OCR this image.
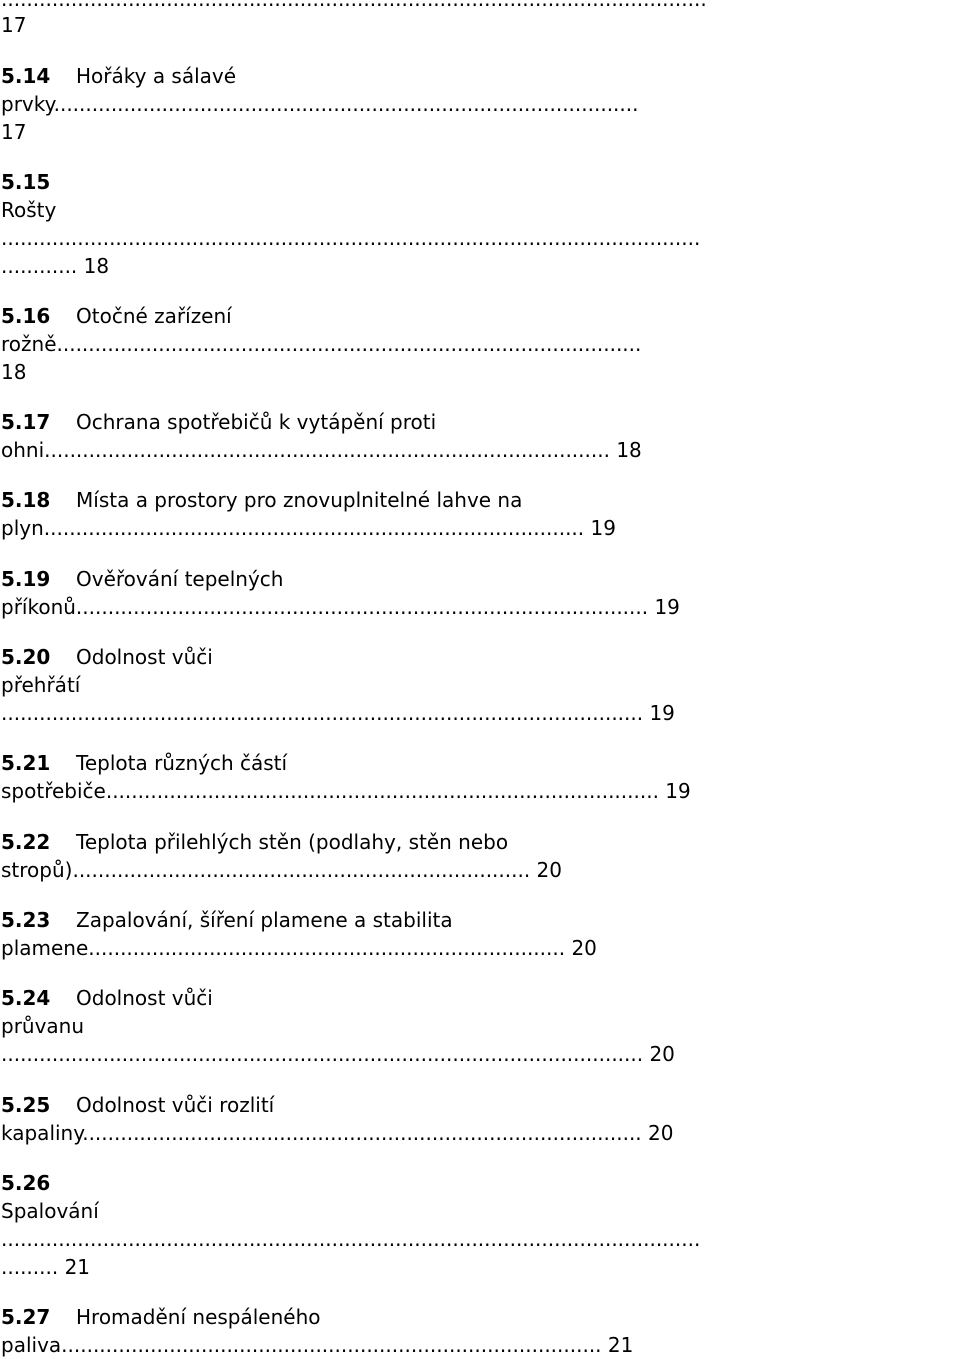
17
5.14 Hořáky a sálavé
prvky............................................................................................
17
5.15
Rošty
..............................................................................................................
............ 18
5.16 Otočné zařízení
rožně............................................................................................
18
5.17 Ochrana spotřebičů k vytápění proti
ohni......................................................................................... 18
5.18 Místa a prostory pro znovuplnitelné lahve na
plyn..................................................................................... 19
5.19 Ověřování tepelných
příkonů.......................................................................................... 19
5.20 Odolnost vůči
přehřátí
..................................................................................................... 19
5.21 Teplota různých částí
spotřebiče....................................................................................... 19
5.22 Teplota přilehlých stěn (podlahy, stěn nebo
stropů)........................................................................ 20
5.23 Zapalování, šíření plamene a stabilita
plamene........................................................................... 20
5.24 Odolnost vůči
průvanu
..................................................................................................... 20
5.25 Odolnost vůči rozlití
kapaliny........................................................................................ 20
5.26
Spalování
..............................................................................................................
......... 21
5.27 Hromadění nespáleného
paliva..................................................................................... 21
